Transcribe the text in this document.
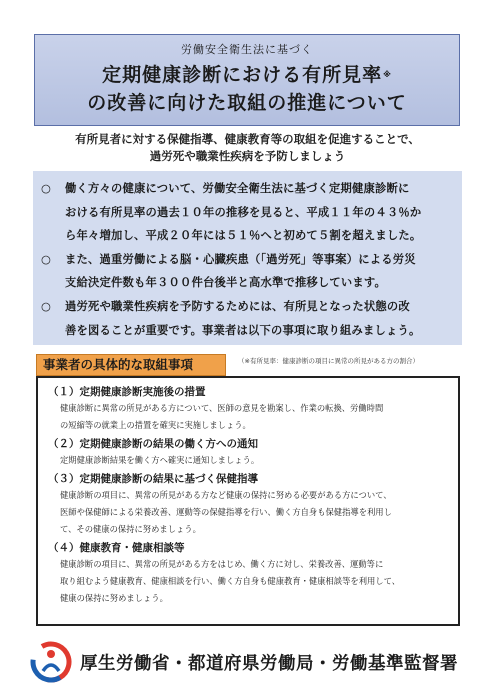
労働安全衛生法に基づく
定期健康診断における有所見率※
の改善に向けた取組の推進について
有所見者に対する保健指導、健康教育等の取組を促進することで、
過労死や職業性疾病を予防しましょう
○	働く方々の健康について、労働安全衛生法に基づく定期健康診断に
おける有所見率の過去１０年の推移を見ると、平成１１年の４３％か
ら年々増加し、平成２０年には５１％へと初めて５割を超えました。
○	また、過重労働による脳・心臓疾患（「過労死」等事案）による労災
支給決定件数も年３００件台後半と高水準で推移しています。
○	過労死や職業性疾病を予防するためには、有所見となった状態の改
善を図ることが重要です。事業者は以下の事項に取り組みましょう。
事業者の具体的な取組事項	（※有所見率：健康診断の項目に異常の所見がある方の割合）
（１）定期健康診断実施後の措置
健康診断に異常の所見がある方について、医師の意見を勘案し、作業の転換、労働時間
の短縮等の就業上の措置を確実に実施しましょう。
（２）定期健康診断の結果の働く方への通知
定期健康診断結果を働く方へ確実に通知しましょう。
（３）定期健康診断の結果に基づく保健指導
健康診断の項目に、異常の所見がある方など健康の保持に努める必要がある方について、
医師や保健師による栄養改善、運動等の保健指導を行い、働く方自身も保健指導を利用し
て、その健康の保持に努めましょう。
（４）健康教育・健康相談等
健康診断の項目に、異常の所見がある方をはじめ、働く方に対し、栄養改善、運動等に
取り組むよう健康教育、健康相談を行い、働く方自身も健康教育・健康相談等を利用して、
健康の保持に努めましょう。
厚生労働省・都道府県労働局・労働基準監督署
